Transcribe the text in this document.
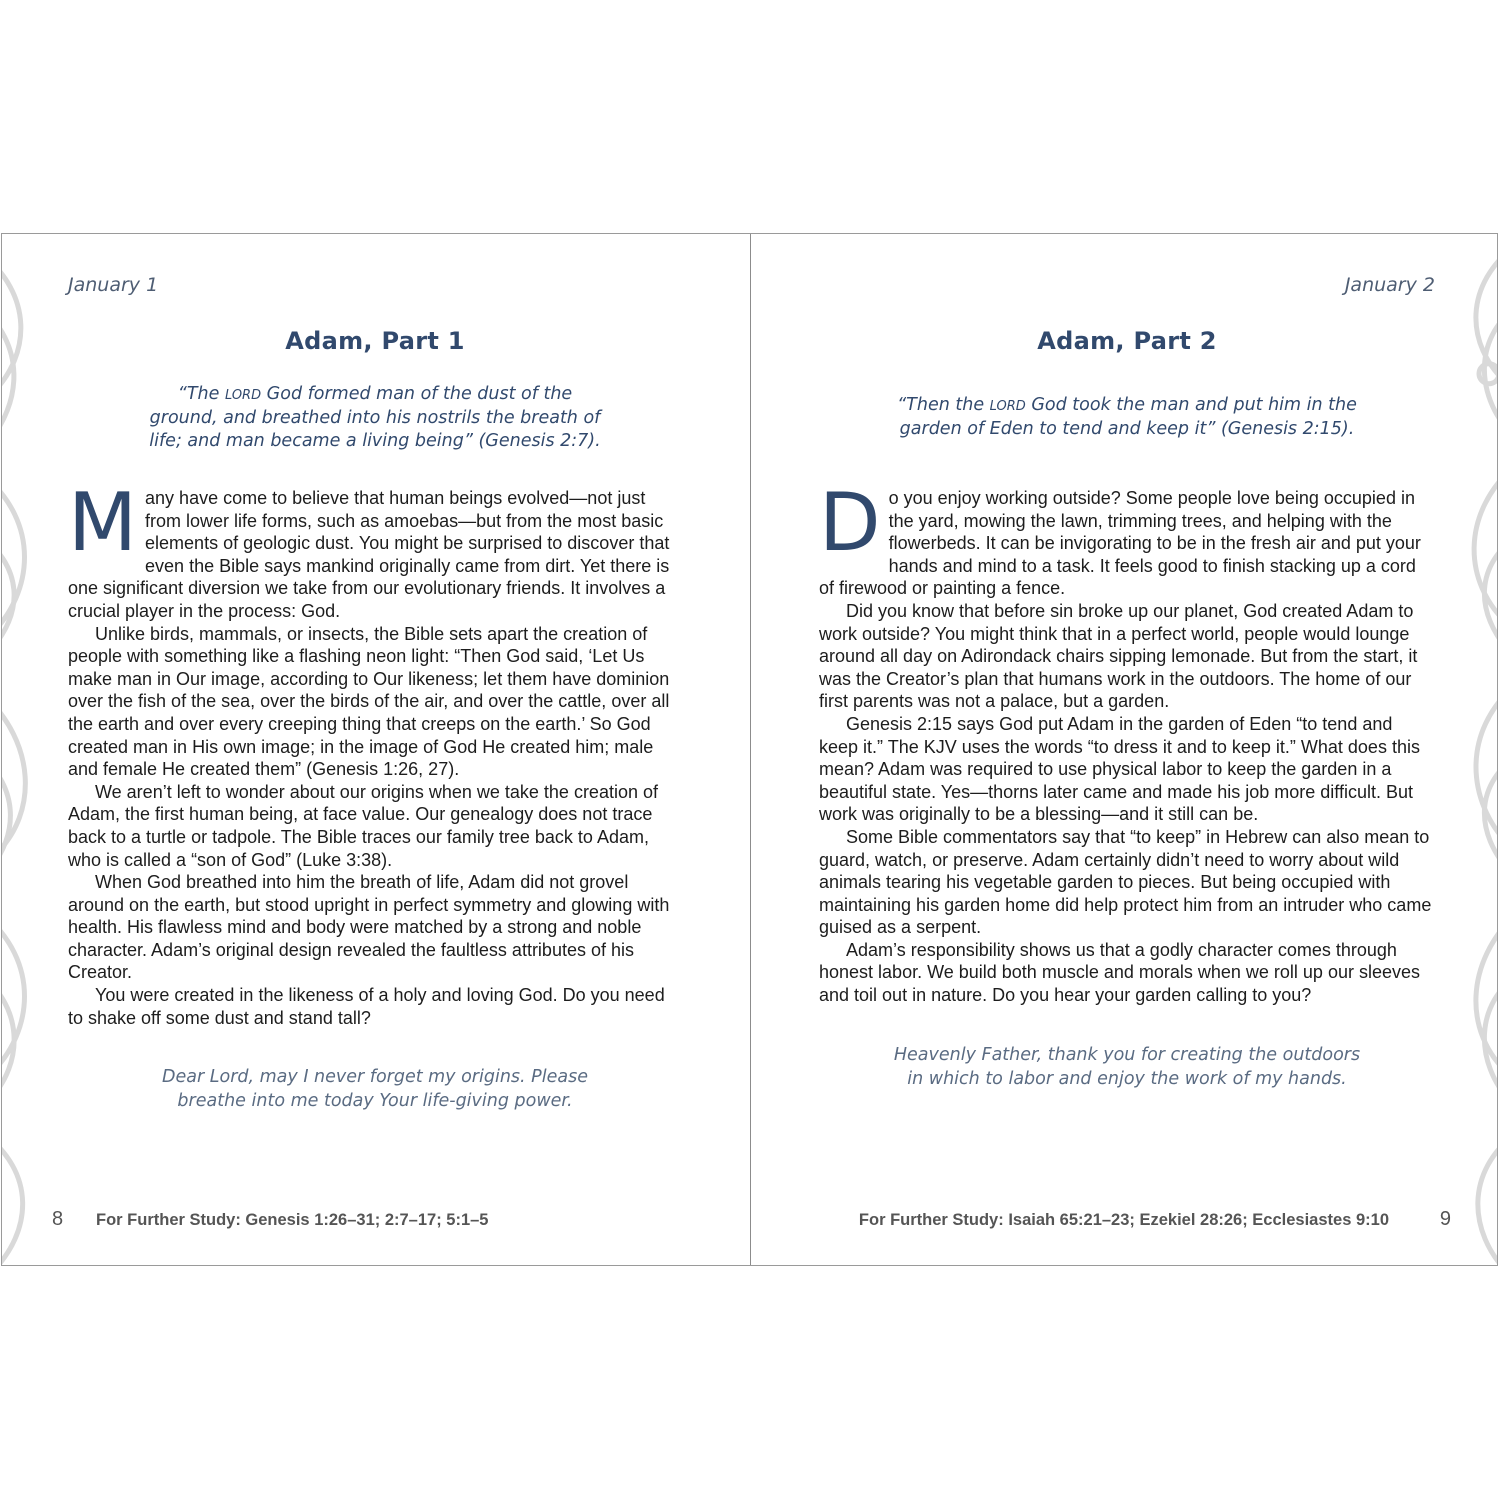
January 1
Adam, Part 1
“The LORD God formed man of the dust of the
ground, and breathed into his nostrils the breath of
life; and man became a living being” (Genesis 2:7).

Many have come to believe that human beings evolved—not just from lower life forms, such as amoebas—but from the most basic elements of geologic dust. You might be surprised to discover that even the Bible says mankind originally came from dirt. Yet there is one significant diversion we take from our evolutionary friends. It involves a crucial player in the process: God.

Unlike birds, mammals, or insects, the Bible sets apart the creation of people with something like a flashing neon light: “Then God said, ‘Let Us make man in Our image, according to Our likeness; let them have dominion over the fish of the sea, over the birds of the air, and over the cattle, over all the earth and over every creeping thing that creeps on the earth.’ So God created man in His own image; in the image of God He created him; male and female He created them” (Genesis 1:26, 27).

We aren’t left to wonder about our origins when we take the creation of Adam, the first human being, at face value. Our genealogy does not trace back to a turtle or tadpole. The Bible traces our family tree back to Adam, who is called a “son of God” (Luke 3:38).

When God breathed into him the breath of life, Adam did not grovel around on the earth, but stood upright in perfect symmetry and glowing with health. His flawless mind and body were matched by a strong and noble character. Adam’s original design revealed the faultless attributes of his Creator.

You were created in the likeness of a holy and loving God. Do you need to shake off some dust and stand tall?

Dear Lord, may I never forget my origins. Please
breathe into me today Your life-giving power.
8 For Further Study: Genesis 1:26–31; 2:7–17; 5:1–5
January 2
Adam, Part 2
“Then the LORD God took the man and put him in the
garden of Eden to tend and keep it” (Genesis 2:15).

Do you enjoy working outside? Some people love being occupied in the yard, mowing the lawn, trimming trees, and helping with the flowerbeds. It can be invigorating to be in the fresh air and put your hands and mind to a task. It feels good to finish stacking up a cord of firewood or painting a fence.

Did you know that before sin broke up our planet, God created Adam to work outside? You might think that in a perfect world, people would lounge around all day on Adirondack chairs sipping lemonade. But from the start, it was the Creator’s plan that humans work in the outdoors. The home of our first parents was not a palace, but a garden.

Genesis 2:15 says God put Adam in the garden of Eden “to tend and keep it.” The KJV uses the words “to dress it and to keep it.” What does this mean? Adam was required to use physical labor to keep the garden in a beautiful state. Yes—thorns later came and made his job more difficult. But work was originally to be a blessing—and it still can be.

Some Bible commentators say that “to keep” in Hebrew can also mean to guard, watch, or preserve. Adam certainly didn’t need to worry about wild animals tearing his vegetable garden to pieces. But being occupied with maintaining his garden home did help protect him from an intruder who came guised as a serpent.

Adam’s responsibility shows us that a godly character comes through honest labor. We build both muscle and morals when we roll up our sleeves and toil out in nature. Do you hear your garden calling to you?

Heavenly Father, thank you for creating the outdoors
in which to labor and enjoy the work of my hands.
For Further Study: Isaiah 65:21–23; Ezekiel 28:26; Ecclesiastes 9:10	9
